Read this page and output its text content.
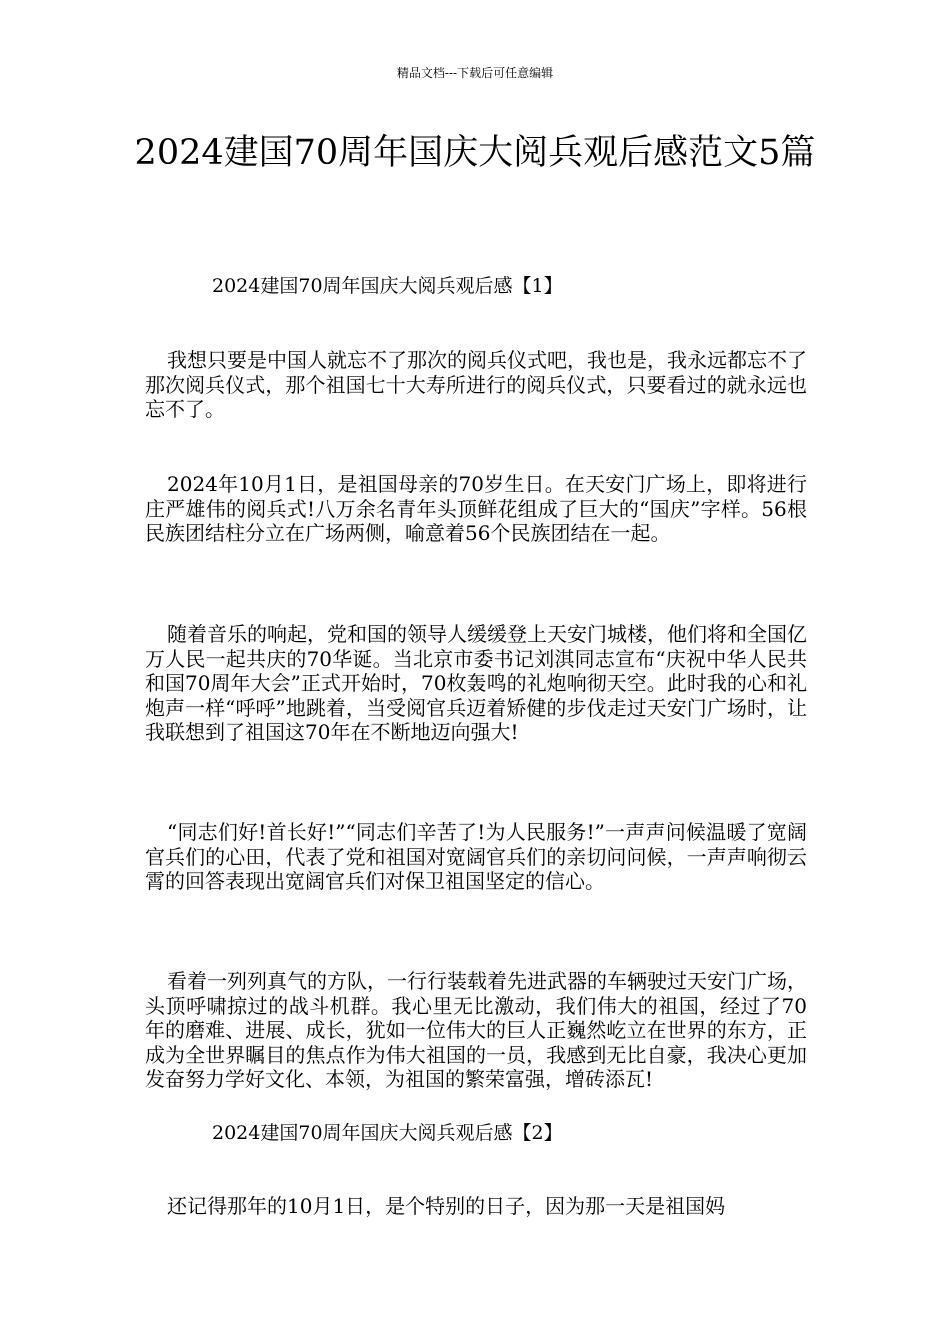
精品文档---下载后可任意编辑
2024建国70周年国庆大阅兵观后感范文5篇
2024建国70周年国庆大阅兵观后感【1】

我想只要是中国人就忘不了那次的阅兵仪式吧，我也是，我永远都忘不了那次阅兵仪式，那个祖国七十大寿所进行的阅兵仪式，只要看过的就永远也忘不了。

2024年10月1日，是祖国母亲的70岁生日。在天安门广场上，即将进行庄严雄伟的阅兵式!八万余名青年头顶鲜花组成了巨大的“国庆”字样。56根民族团结柱分立在广场两侧，喻意着56个民族团结在一起。

随着音乐的响起，党和国的领导人缓缓登上天安门城楼，他们将和全国亿万人民一起共庆的70华诞。当北京市委书记刘淇同志宣布“庆祝中华人民共和国70周年大会”正式开始时，70枚轰鸣的礼炮响彻天空。此时我的心和礼炮声一样“呼呼”地跳着，当受阅官兵迈着矫健的步伐走过天安门广场时，让我联想到了祖国这70年在不断地迈向强大!

“同志们好!首长好!”“同志们辛苦了!为人民服务!”一声声问候温暖了宽阔官兵们的心田，代表了党和祖国对宽阔官兵们的亲切问问候，一声声响彻云霄的回答表现出宽阔官兵们对保卫祖国坚定的信心。

看着一列列真气的方队，一行行装载着先进武器的车辆驶过天安门广场，头顶呼啸掠过的战斗机群。我心里无比激动，我们伟大的祖国，经过了70年的磨难、进展、成长，犹如一位伟大的巨人正巍然屹立在世界的东方，正成为全世界瞩目的焦点作为伟大祖国的一员，我感到无比自豪，我决心更加发奋努力学好文化、本领，为祖国的繁荣富强，增砖添瓦!

2024建国70周年国庆大阅兵观后感【2】

还记得那年的10月1日，是个特别的日子，因为那一天是祖国妈
